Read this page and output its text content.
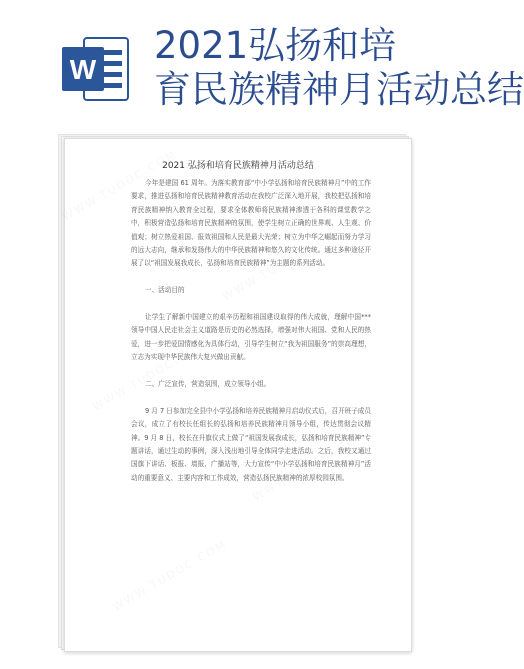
W
2021弘扬和培
育民族精神月活动总结
2021 弘扬和培育民族精神月活动总结

今年是建国 61 周年。为落实教育部“中小学弘扬和培育民族精神月”中的工作要求，推进弘扬和培育民族精神教育活动在我校广泛深入地开展，我校把弘扬和培育民族精神纳入教育全过程，要求全体教师将民族精神渗透于各科的课堂教学之中，积极营造弘扬和培育民族精神的氛围，使学生树立正确的世界观、人生观、价值观；树立热爱祖国、报效祖国和人民是最大光荣；树立为中华之崛起而努力学习的远大志向，继承和发扬伟大的中华民族精神和悠久的文化传统。通过多种途径开展了以“祖国发展我成长，弘扬和培育民族精神”为主题的系列活动。

一、活动目的

让学生了解新中国建立的艰辛历程和祖国建设取得的伟大成就，理解中国***领导中国人民走社会主义道路是历史的必然选择，增强对伟大祖国、党和人民的热爱，进一步把爱国情感化为具体行动，引导学生树立“我为祖国服务”的崇高理想，立志为实现中华民族伟大复兴做出贡献。

二、广泛宣传，营造氛围，成立领导小组。

9 月 7 日参加完全县中小学弘扬和培养民族精神月启动仪式后，召开班子成员会议，成立了有校长任组长的弘扬和培养民族精神月领导小组，传达贯彻会议精神。9 月 8 日，校长在升旗仪式上做了“祖国发展我成长，弘扬和培育民族精神”专题讲话，通过生动的事例，深入浅出地引导全体同学走进活动。之后，我校又通过国旗下讲话、板报、墙报、广播站等，大力宣传“中小学弘扬和培育民族精神月”活动的重要意义、主要内容和工作成效，营造弘扬民族精神的浓厚校园氛围。
